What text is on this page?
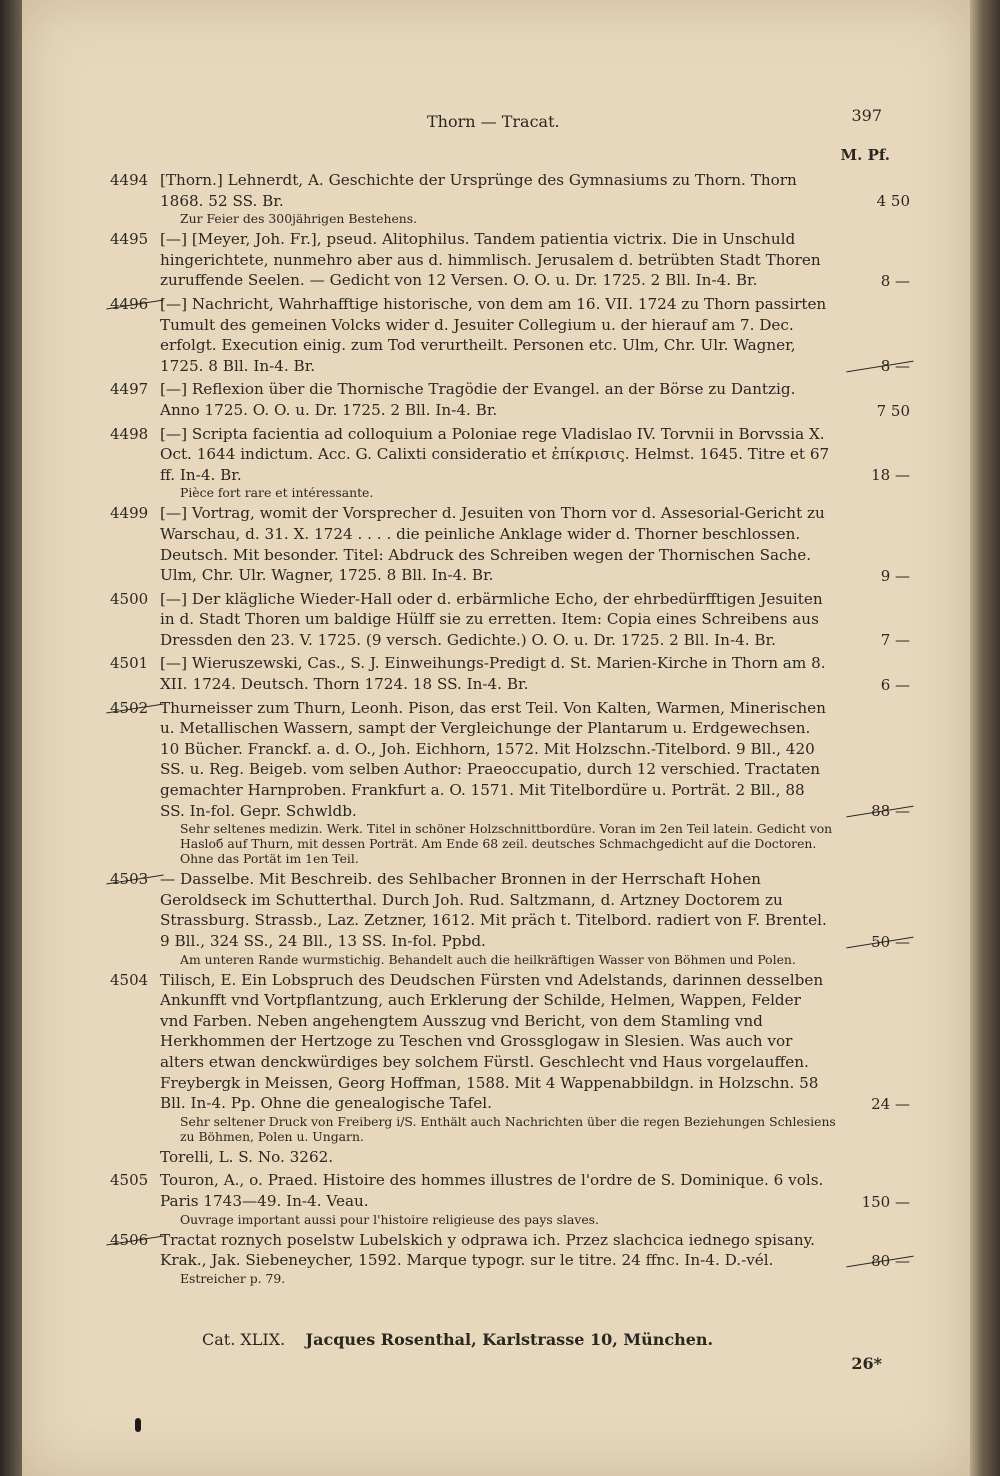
Thorn — Tracat.	397
M. Pf.
4494 [Thorn.] Lehnerdt, A. Geschichte der Ursprünge des Gymnasiums zu Thorn. Thorn 1868. 52 SS. Br.	4 50
Zur Feier des 300jährigen Bestehens.
4495 [—] [Meyer, Joh. Fr.], pseud. Alitophilus. Tandem patientia victrix. Die in Unschuld hingerichtete, nunmehro aber aus d. himmlisch. Jerusalem d. betrübten Stadt Thoren zuruffende Seelen. — Gedicht von 12 Versen. O. O. u. Dr. 1725. 2 Bll. In-4. Br.	8 —
4496 [—] Nachricht, Wahrhafftige historische, von dem am 16. VII. 1724 zu Thorn passirten Tumult des gemeinen Volcks wider d. Jesuiter Collegium u. der hierauf am 7. Dec. erfolgt. Execution einig. zum Tod verurtheilt. Personen etc. Ulm, Chr. Ulr. Wagner, 1725. 8 Bll. In-4. Br.	8 —
4497 [—] Reflexion über die Thornische Tragödie der Evangel. an der Börse zu Dantzig. Anno 1725. O. O. u. Dr. 1725. 2 Bll. In-4. Br.	7 50
4498 [—] Scripta facientia ad colloquium a Poloniae rege Vladislao IV. Torvnii in Borvssia X. Oct. 1644 indictum. Acc. G. Calixti consideratio et ἐπίκρισις. Helmst. 1645. Titre et 67 ff. In-4. Br.	18 —
Pièce fort rare et intéressante.
4499 [—] Vortrag, womit der Vorsprecher d. Jesuiten von Thorn vor d. Assesorial-Gericht zu Warschau, d. 31. X. 1724 . . . . die peinliche Anklage wider d. Thorner beschlossen. Deutsch. Mit besonder. Titel: Abdruck des Schreiben wegen der Thornischen Sache. Ulm, Chr. Ulr. Wagner, 1725. 8 Bll. In-4. Br.	9 —
4500 [—] Der klägliche Wieder-Hall oder d. erbärmliche Echo, der ehrbedürfftigen Jesuiten in d. Stadt Thoren um baldige Hülff sie zu erretten. Item: Copia eines Schreibens aus Dressden den 23. V. 1725. (9 versch. Gedichte.) O. O. u. Dr. 1725. 2 Bll. In-4. Br.	7 —
4501 [—] Wieruszewski, Cas., S. J. Einweihungs-Predigt d. St. Marien-Kirche in Thorn am 8. XII. 1724. Deutsch. Thorn 1724. 18 SS. In-4. Br.	6 —
4502 Thurneisser zum Thurn, Leonh. Pison, das erst Teil. Von Kalten, Warmen, Minerischen u. Metallischen Wassern, sampt der Vergleichunge der Plantarum u. Erdgewechsen. 10 Bücher. Franckf. a. d. O., Joh. Eichhorn, 1572. Mit Holzschn.-Titelbord. 9 Bll., 420 SS. u. Reg. Beigeb. vom selben Author: Praeoccupatio, durch 12 verschied. Tractaten gemachter Harnproben. Frankfurt a. O. 1571. Mit Titelbordüre u. Porträt. 2 Bll., 88 SS. In-fol. Gepr. Schwldb.	88 —
Sehr seltenes medizin. Werk. Titel in schöner Holzschnittbordüre. Voran im 2en Teil latein. Gedicht von Hasloб auf Thurn, mit dessen Porträt. Am Ende 68 zeil. deutsches Schmachgedicht auf die Doctoren. Ohne das Portät im 1en Teil.
4503 — Dasselbe. Mit Beschreib. des Sehlbacher Bronnen in der Herrschaft Hohen Geroldseck im Schutterthal. Durch Joh. Rud. Saltzmann, d. Artzney Doctorem zu Strassburg. Strassb., Laz. Zetzner, 1612. Mit präch t. Titelbord. radiert von F. Brentel. 9 Bll., 324 SS., 24 Bll., 13 SS. In-fol. Ppbd.	50 —
Am unteren Rande wurmstichig. Behandelt auch die heilkräftigen Wasser von Böhmen und Polen.
4504 Tilisch, E. Ein Lobspruch des Deudschen Fürsten vnd Adelstands, darinnen desselben Ankunfft vnd Vortpflantzung, auch Erklerung der Schilde, Helmen, Wappen, Felder vnd Farben. Neben angehengtem Ausszug vnd Bericht, von dem Stamling vnd Herkhommen der Hertzoge zu Teschen vnd Grossglogaw in Slesien. Was auch vor alters etwan denckwürdiges bey solchem Fürstl. Geschlecht vnd Haus vorgelauffen. Freybergk in Meissen, Georg Hoffman, 1588. Mit 4 Wappenabbildgn. in Holzschn. 58 Bll. In-4. Pp. Ohne die genealogische Tafel.	24 —
Sehr seltener Druck von Freiberg i/S. Enthält auch Nachrichten über die regen Beziehungen Schlesiens zu Böhmen, Polen u. Ungarn.
Torelli, L. S. No. 3262.
4505 Touron, A., o. Praed. Histoire des hommes illustres de l'ordre de S. Dominique. 6 vols. Paris 1743—49. In-4. Veau.	150 —
Ouvrage important aussi pour l'histoire religieuse des pays slaves.
4506 Tractat roznych poselstw Lubelskich y odprawa ich. Przez slachcica iednego spisany. Krak., Jak. Siebeneycher, 1592. Marque typogr. sur le titre. 24 ffnc. In-4. D.-vél.	80 —
Estreicher p. 79.
Cat. XLIX. Jacques Rosenthal, Karlstrasse 10, München.
26*
